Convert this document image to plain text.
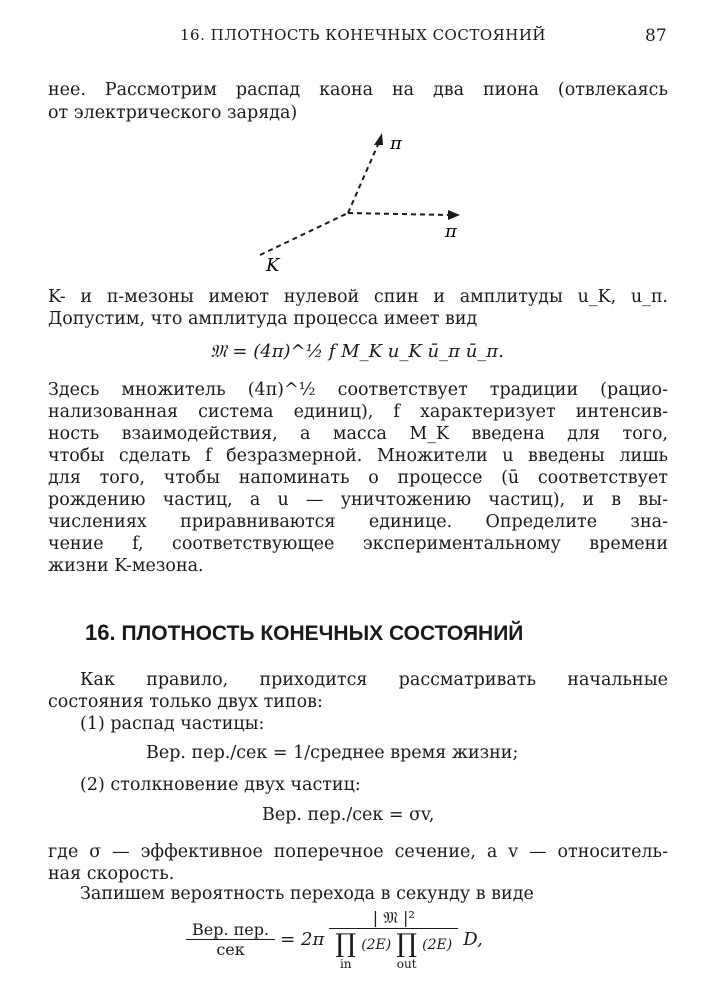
16. ПЛОТНОСТЬ КОНЕЧНЫХ СОСТОЯНИЙ	87
нее. Рассмотрим распад каона на два пиона (отвлекаясь
от электрического заряда)
π
π
K
K- и π-мезоны имеют нулевой спин и амплитуды u_K, u_π.
Допустим, что амплитуда процесса имеет вид
𝔐 = (4π)^½ f M_K u_K ū_π ū_π.
Здесь множитель (4π)^½ соответствует традиции (рацио-
нализованная система единиц), f характеризует интенсив-
ность взаимодействия, а масса M_K введена для того,
чтобы сделать f безразмерной. Множители u введены лишь
для того, чтобы напоминать о процессе (ū соответствует
рождению частиц, а u — уничтожению частиц), и в вы-
числениях приравниваются единице. Определите зна-
чение f, соответствующее экспериментальному времени
жизни K-мезона.
16. ПЛОТНОСТЬ КОНЕЧНЫХ СОСТОЯНИЙ
Как правило, приходится рассматривать начальные
состояния только двух типов:
(1) распад частицы:
Вер. пер./сек = 1/среднее время жизни;
(2) столкновение двух частиц:
Вер. пер./сек = σv,
где σ — эффективное поперечное сечение, а v — относитель-
ная скорость.
Запишем вероятность перехода в секунду в виде
$\frac{\text{Вер. пер.}}{\text{сек}} = 2\pi$
| 𝔐 |²
∏
in
(2E) ∏
out
(2E) D,
